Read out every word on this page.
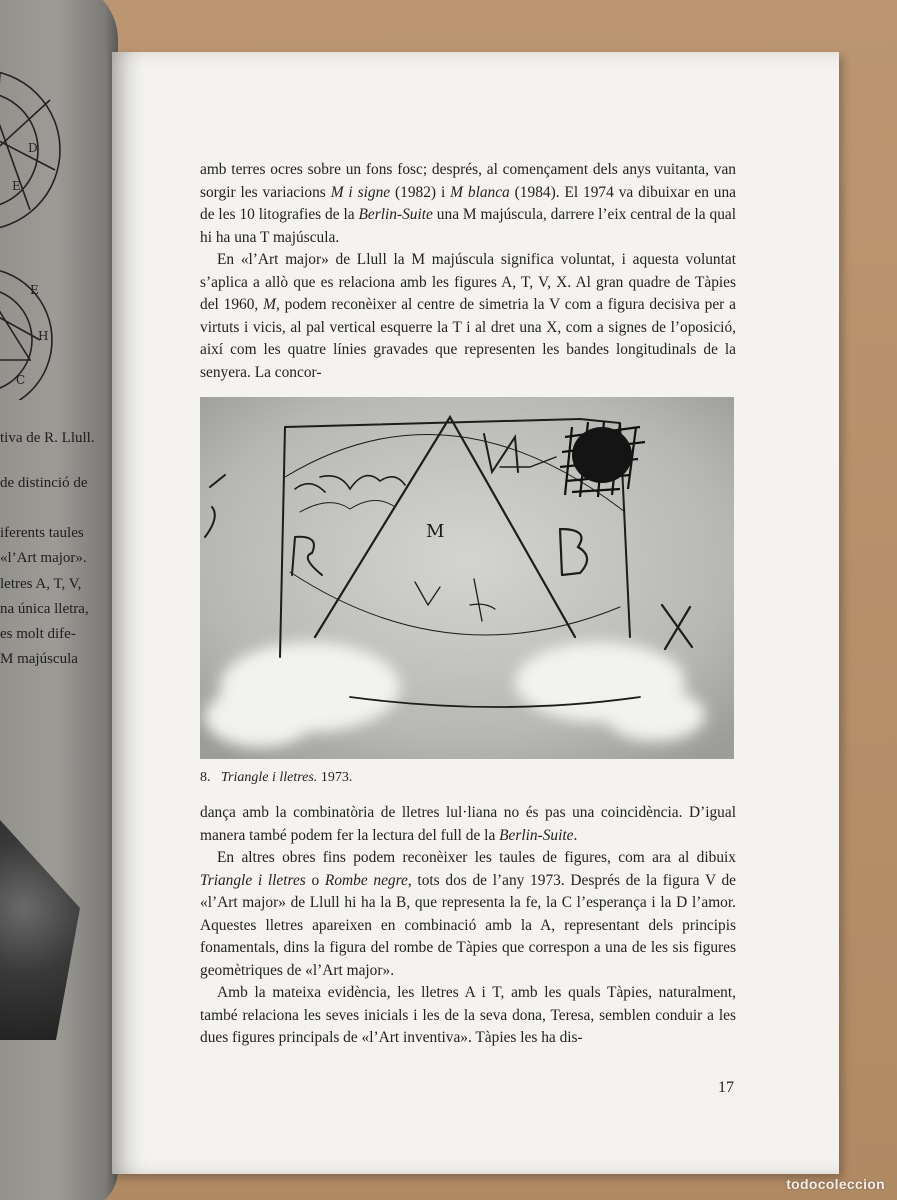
D
E
E
H
C
tiva de R. Llull.
de distinció de
iferents taules
«l’Art major».
letres A, T, V,
na única lletra,
es molt dife-
M majúscula

amb terres ocres sobre un fons fosc; després, al començament dels anys vuitanta, van sorgir les variacions M i signe (1982) i M blanca (1984). El 1974 va dibuixar en una de les 10 litografies de la Berlin-Suite una M majúscula, darrere l’eix central de la qual hi ha una T majúscula.

En «l’Art major» de Llull la M majúscula significa voluntat, i aquesta voluntat s’aplica a allò que es relaciona amb les figures A, T, V, X. Al gran quadre de Tàpies del 1960, M, podem reconèixer al centre de simetria la V com a figura decisiva per a virtuts i vicis, al pal vertical esquerre la T i al dret una X, com a signes de l’oposició, així com les quatre línies gravades que representen les bandes longitudinals de la senyera. La concor-

M
8. Triangle i lletres. 1973.

dança amb la combinatòria de lletres lul·liana no és pas una coincidència. D’igual manera també podem fer la lectura del full de la Berlin-Suite.

En altres obres fins podem reconèixer les taules de figures, com ara al dibuix Triangle i lletres o Rombe negre, tots dos de l’any 1973. Després de la figura V de «l’Art major» de Llull hi ha la B, que representa la fe, la C l’esperança i la D l’amor. Aquestes lletres apareixen en combinació amb la A, representant dels principis fonamentals, dins la figura del rombe de Tàpies que correspon a una de les sis figures geomètriques de «l’Art major».

Amb la mateixa evidència, les lletres A i T, amb les quals Tàpies, naturalment, també relaciona les seves inicials i les de la seva dona, Teresa, semblen conduir a les dues figures principals de «l’Art inventiva». Tàpies les ha dis-

17
todocoleccion
